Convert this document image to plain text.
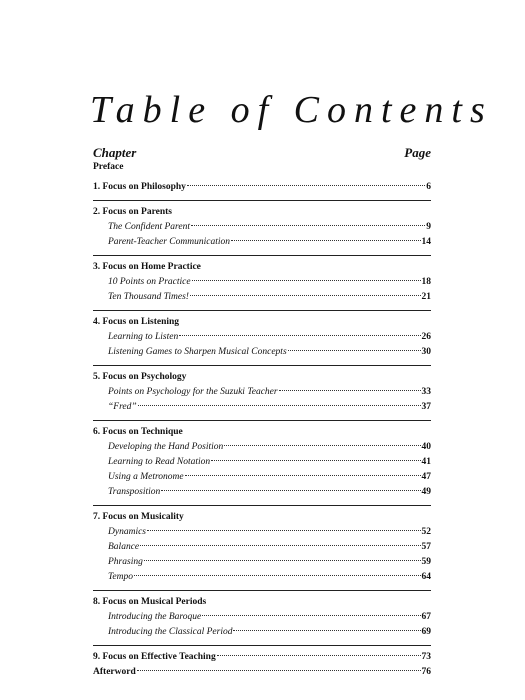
Table of Contents
Chapter	Page
Preface
1. Focus on Philosophy	6
2. Focus on Parents
The Confident Parent	9
Parent-Teacher Communication	14
3. Focus on Home Practice
10 Points on Practice	18
Ten Thousand Times!	21
4. Focus on Listening
Learning to Listen	26
Listening Games to Sharpen Musical Concepts	30
5. Focus on Psychology
Points on Psychology for the Suzuki Teacher	33
“Fred”	37
6. Focus on Technique
Developing the Hand Position	40
Learning to Read Notation	41
Using a Metronome	47
Transposition	49
7. Focus on Musicality
Dynamics	52
Balance	57
Phrasing	59
Tempo	64
8. Focus on Musical Periods
Introducing the Baroque	67
Introducing the Classical Period	69
9. Focus on Effective Teaching	73
Afterword	76
